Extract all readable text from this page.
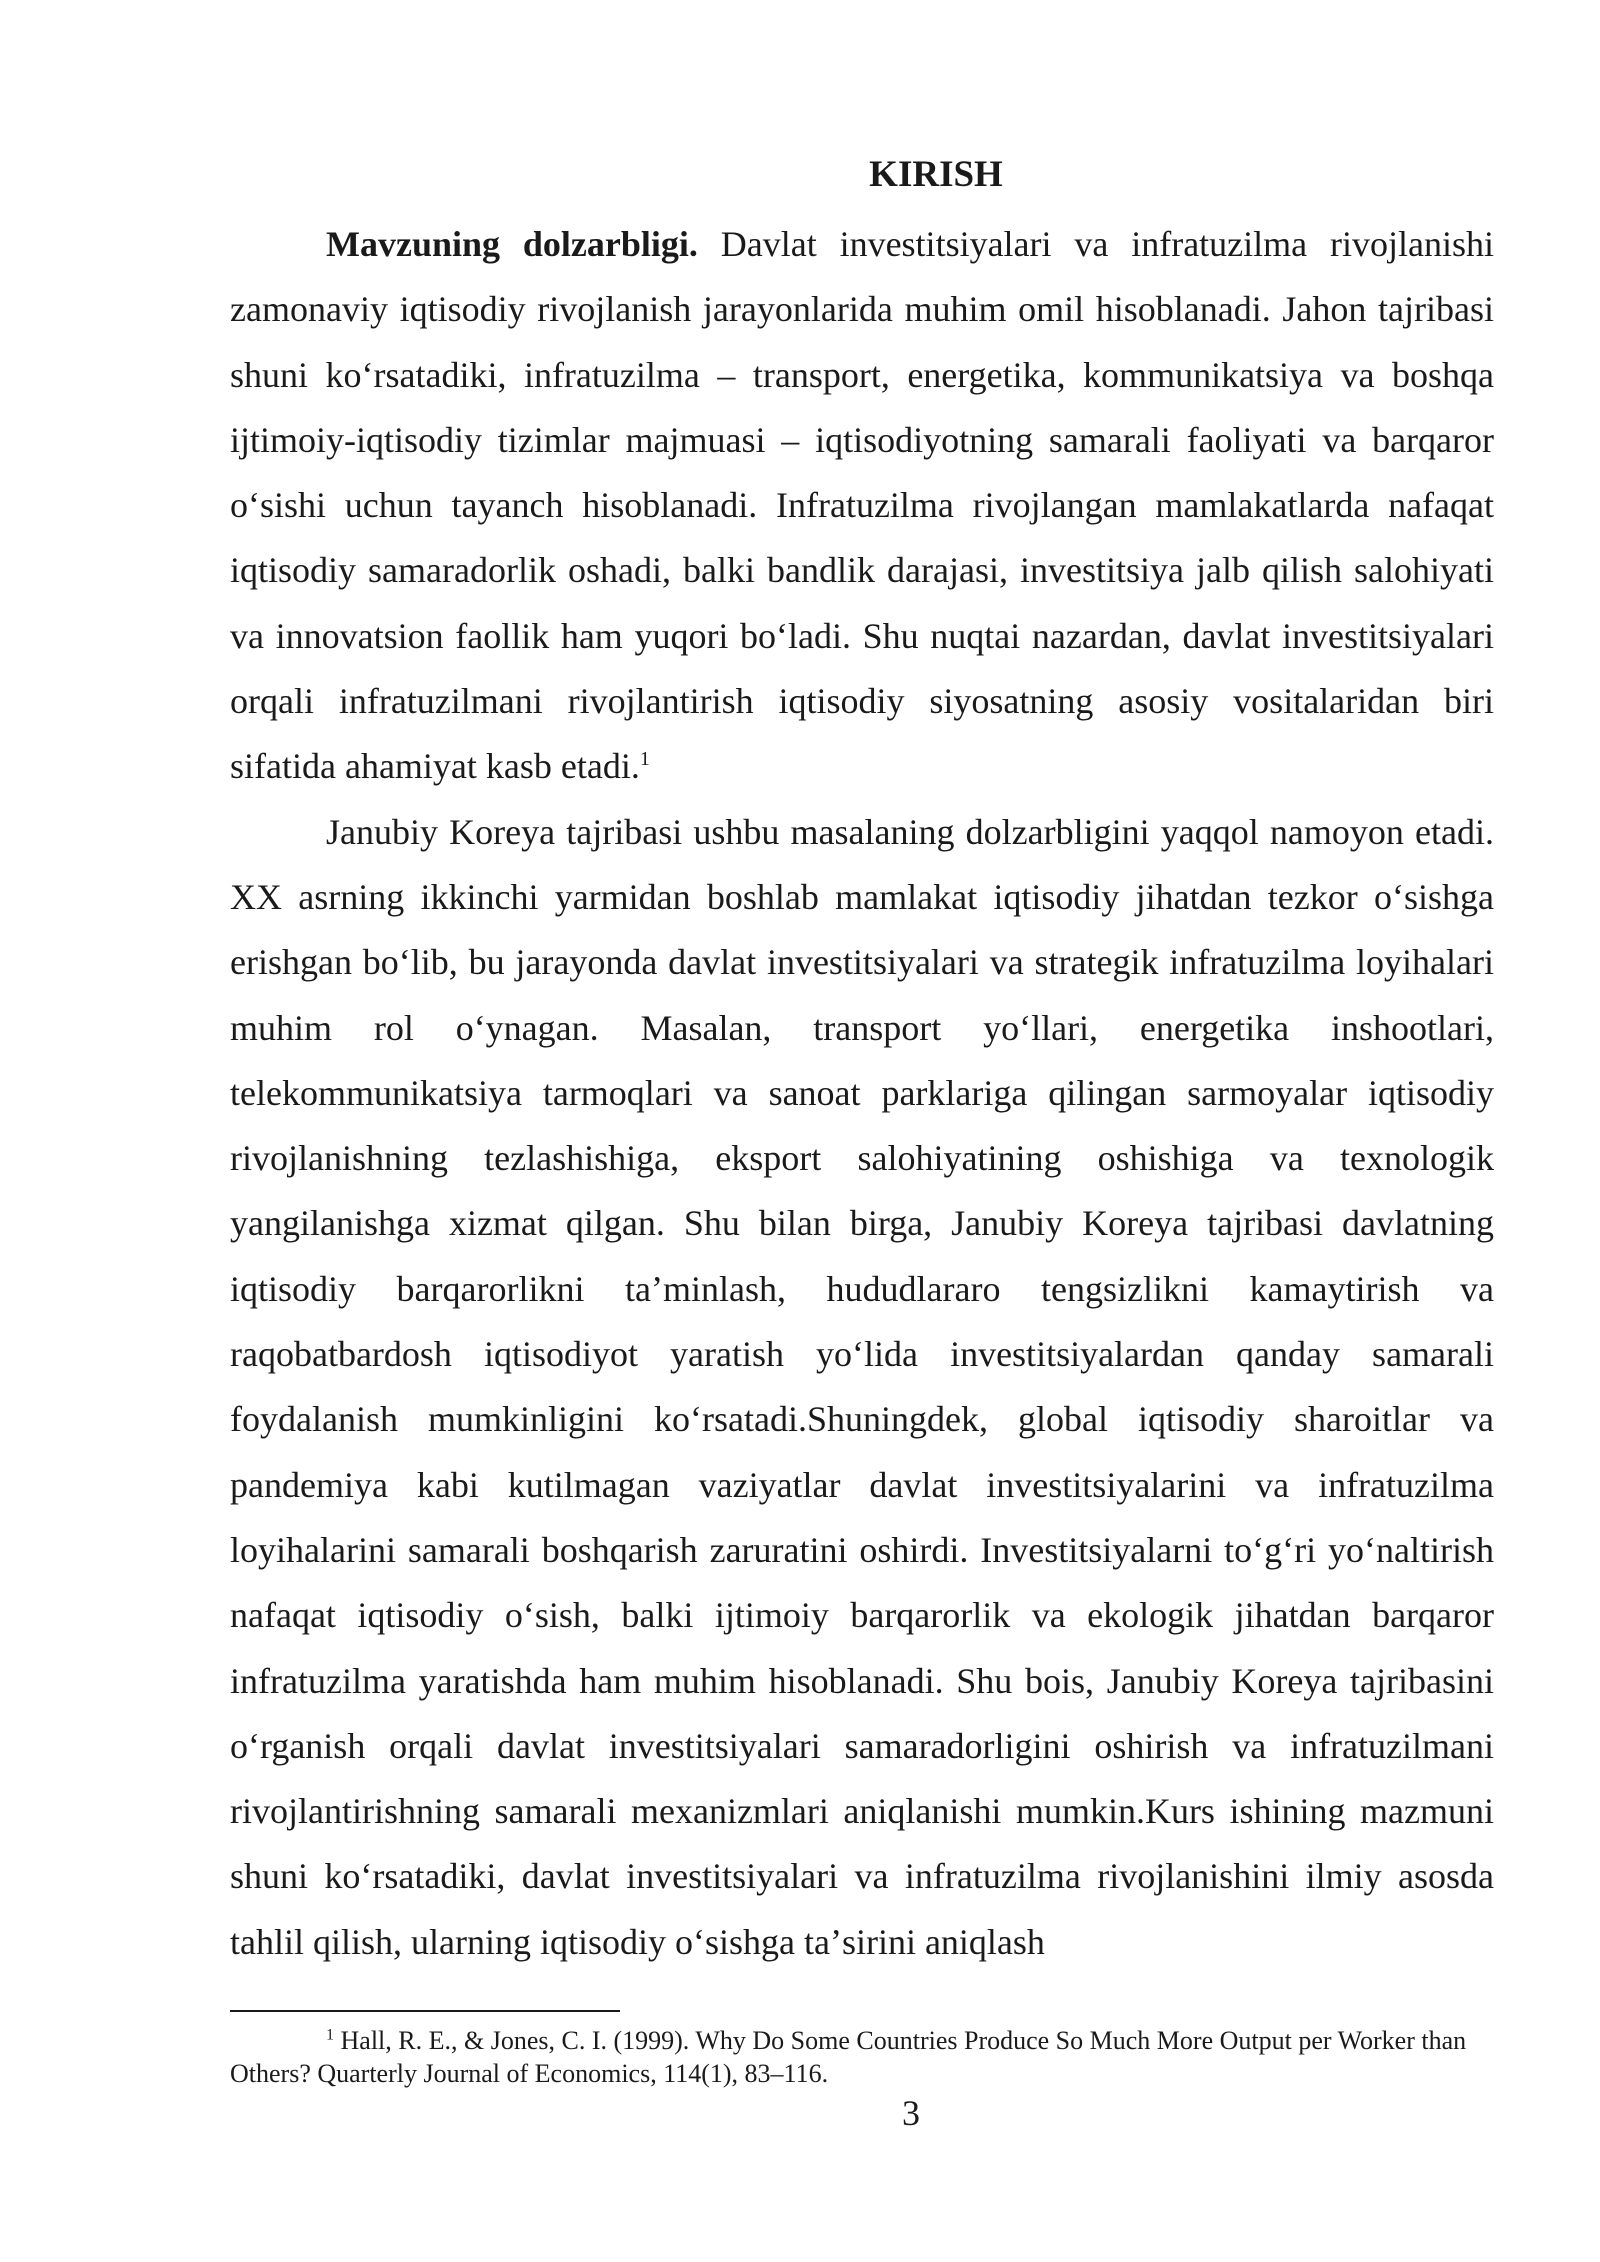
KIRISH

Mavzuning dolzarbligi. Davlat investitsiyalari va infratuzilma rivojlanishi zamonaviy iqtisodiy rivojlanish jarayonlarida muhim omil hisoblanadi. Jahon tajribasi shuni koʻrsatadiki, infratuzilma – transport, energetika, kommunikatsiya va boshqa ijtimoiy-iqtisodiy tizimlar majmuasi – iqtisodiyotning samarali faoliyati va barqaror oʻsishi uchun tayanch hisoblanadi. Infratuzilma rivojlangan mamlakatlarda nafaqat iqtisodiy samaradorlik oshadi, balki bandlik darajasi, investitsiya jalb qilish salohiyati va innovatsion faollik ham yuqori boʻladi. Shu nuqtai nazardan, davlat investitsiyalari orqali infratuzilmani rivojlantirish iqtisodiy siyosatning asosiy vositalaridan biri sifatida ahamiyat kasb etadi.$^1$

Janubiy Koreya tajribasi ushbu masalaning dolzarbligini yaqqol namoyon etadi. XX asrning ikkinchi yarmidan boshlab mamlakat iqtisodiy jihatdan tezkor oʻsishga erishgan boʻlib, bu jarayonda davlat investitsiyalari va strategik infratuzilma loyihalari muhim rol oʻynagan. Masalan, transport yoʻllari, energetika inshootlari, telekommunikatsiya tarmoqlari va sanoat parklariga qilingan sarmoyalar iqtisodiy rivojlanishning tezlashishiga, eksport salohiyatining oshishiga va texnologik yangilanishga xizmat qilgan. Shu bilan birga, Janubiy Koreya tajribasi davlatning iqtisodiy barqarorlikni taʼminlash, hududlararo tengsizlikni kamaytirish va raqobatbardosh iqtisodiyot yaratish yoʻlida investitsiyalardan qanday samarali foydalanish mumkinligini koʻrsatadi.Shuningdek, global iqtisodiy sharoitlar va pandemiya kabi kutilmagan vaziyatlar davlat investitsiyalarini va infratuzilma loyihalarini samarali boshqarish zaruratini oshirdi. Investitsiyalarni toʻgʻri yoʻnaltirish nafaqat iqtisodiy oʻsish, balki ijtimoiy barqarorlik va ekologik jihatdan barqaror infratuzilma yaratishda ham muhim hisoblanadi. Shu bois, Janubiy Koreya tajribasini oʻrganish orqali davlat investitsiyalari samaradorligini oshirish va infratuzilmani rivojlantirishning samarali mexanizmlari aniqlanishi mumkin.Kurs ishining mazmuni shuni koʻrsatadiki, davlat investitsiyalari va infratuzilma rivojlanishini ilmiy asosda tahlil qilish, ularning iqtisodiy oʻsishga taʼsirini aniqlash

$^1$ Hall, R. E., & Jones, C. I. (1999). Why Do Some Countries Produce So Much More Output per Worker than Others? Quarterly Journal of Economics, 114(1), 83–116.
3
